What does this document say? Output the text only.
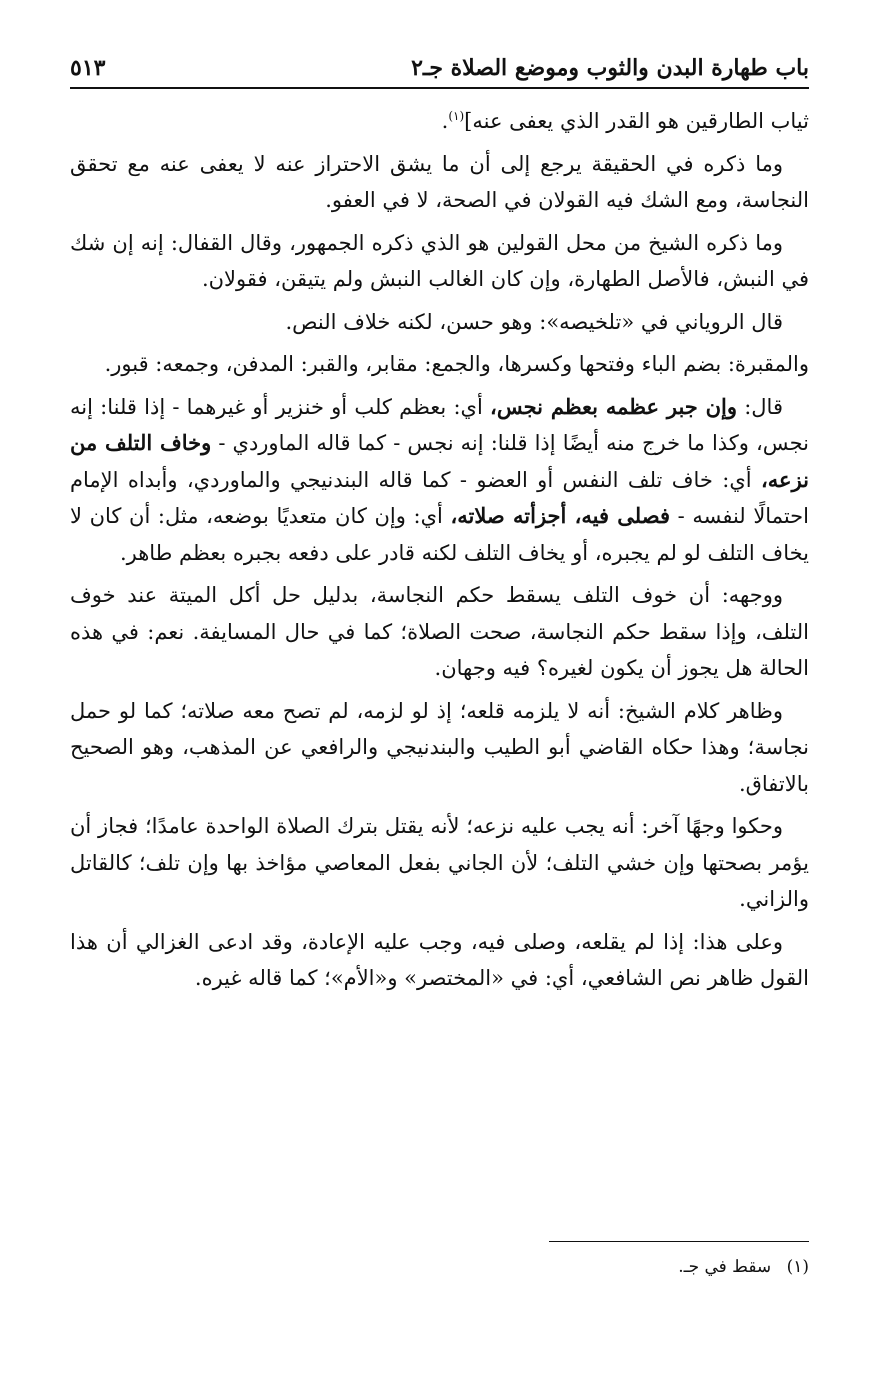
باب طهارة البدن والثوب وموضع الصلاة جـ٢
٥١٣

ثياب الطارقين هو القدر الذي يعفى عنه]$^{(١)}$.

وما ذكره في الحقيقة يرجع إلى أن ما يشق الاحتراز عنه لا يعفى عنه مع تحقق النجاسة، ومع الشك فيه القولان في الصحة، لا في العفو.

وما ذكره الشيخ من محل القولين هو الذي ذكره الجمهور، وقال القفال: إنه إن شك في النبش، فالأصل الطهارة، وإن كان الغالب النبش ولم يتيقن، فقولان.

قال الروياني في «تلخيصه»: وهو حسن، لكنه خلاف النص.

والمقبرة: بضم الباء وفتحها وكسرها، والجمع: مقابر، والقبر: المدفن، وجمعه: قبور.

قال: وإن جبر عظمه بعظم نجس، أي: بعظم كلب أو خنزير أو غيرهما - إذا قلنا: إنه نجس، وكذا ما خرج منه أيضًا إذا قلنا: إنه نجس - كما قاله الماوردي - وخاف التلف من نزعه، أي: خاف تلف النفس أو العضو - كما قاله البندنيجي والماوردي، وأبداه الإمام احتمالًا لنفسه - فصلى فيه، أجزأته صلاته، أي: وإن كان متعديًا بوضعه، مثل: أن كان لا يخاف التلف لو لم يجبره، أو يخاف التلف لكنه قادر على دفعه بجبره بعظم طاهر.

ووجهه: أن خوف التلف يسقط حكم النجاسة، بدليل حل أكل الميتة عند خوف التلف، وإذا سقط حكم النجاسة، صحت الصلاة؛ كما في حال المسايفة. نعم: في هذه الحالة هل يجوز أن يكون لغيره؟ فيه وجهان.

وظاهر كلام الشيخ: أنه لا يلزمه قلعه؛ إذ لو لزمه، لم تصح معه صلاته؛ كما لو حمل نجاسة؛ وهذا حكاه القاضي أبو الطيب والبندنيجي والرافعي عن المذهب، وهو الصحيح بالاتفاق.

وحكوا وجهًا آخر: أنه يجب عليه نزعه؛ لأنه يقتل بترك الصلاة الواحدة عامدًا؛ فجاز أن يؤمر بصحتها وإن خشي التلف؛ لأن الجاني بفعل المعاصي مؤاخذ بها وإن تلف؛ كالقاتل والزاني.

وعلى هذا: إذا لم يقلعه، وصلى فيه، وجب عليه الإعادة، وقد ادعى الغزالي أن هذا القول ظاهر نص الشافعي، أي: في «المختصر» و«الأم»؛ كما قاله غيره.

(١) سقط في جـ.
